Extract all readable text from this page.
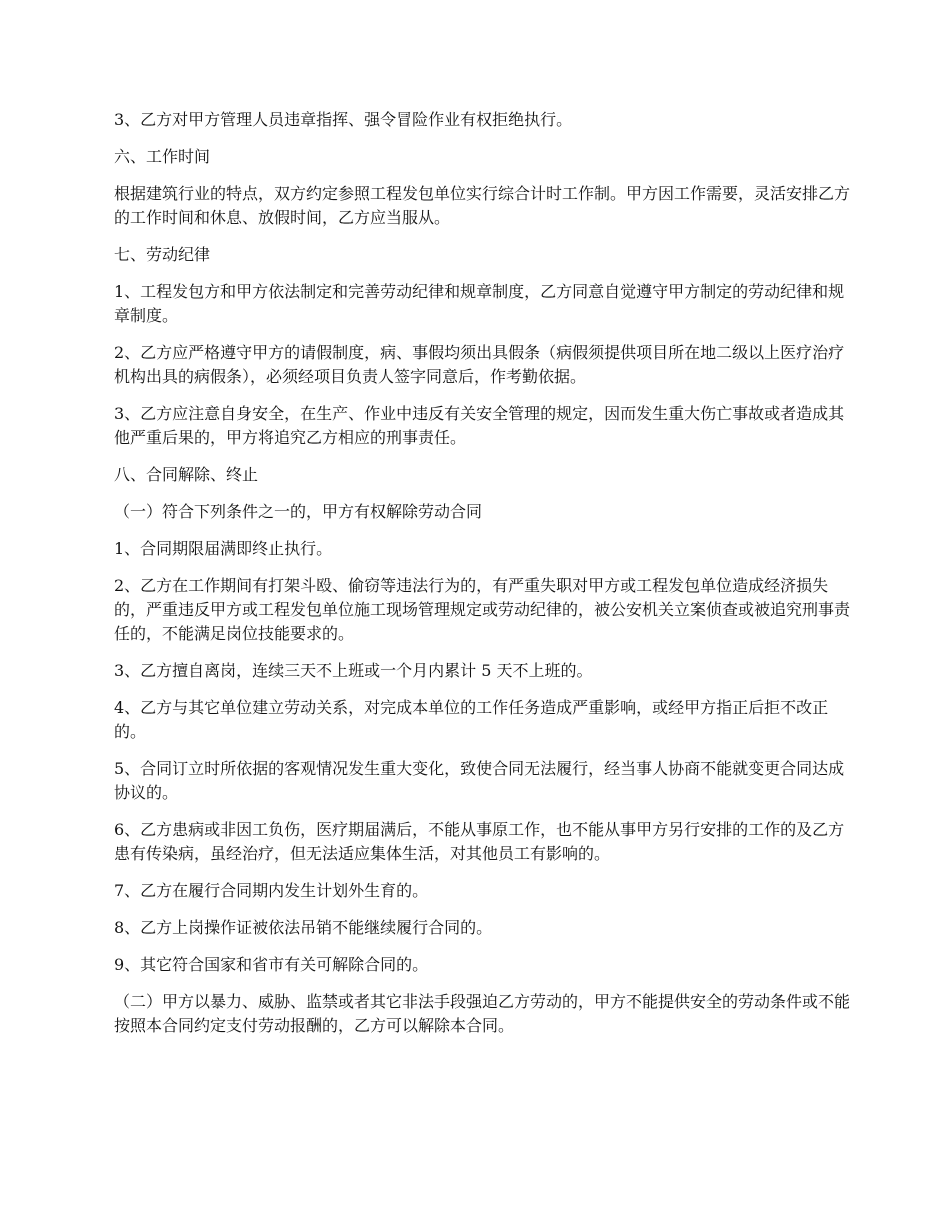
3、乙方对甲方管理人员违章指挥、强令冒险作业有权拒绝执行。

六、工作时间

根据建筑行业的特点，双方约定参照工程发包单位实行综合计时工作制。甲方因工作需要，灵活安排乙方的工作时间和休息、放假时间，乙方应当服从。

七、劳动纪律

1、工程发包方和甲方依法制定和完善劳动纪律和规章制度，乙方同意自觉遵守甲方制定的劳动纪律和规章制度。

2、乙方应严格遵守甲方的请假制度，病、事假均须出具假条（病假须提供项目所在地二级以上医疗治疗机构出具的病假条），必须经项目负责人签字同意后，作考勤依据。

3、乙方应注意自身安全，在生产、作业中违反有关安全管理的规定，因而发生重大伤亡事故或者造成其他严重后果的，甲方将追究乙方相应的刑事责任。

八、合同解除、终止

（一）符合下列条件之一的，甲方有权解除劳动合同

1、合同期限届满即终止执行。

2、乙方在工作期间有打架斗殴、偷窃等违法行为的，有严重失职对甲方或工程发包单位造成经济损失的，严重违反甲方或工程发包单位施工现场管理规定或劳动纪律的，被公安机关立案侦查或被追究刑事责任的，不能满足岗位技能要求的。

3、乙方擅自离岗，连续三天不上班或一个月内累计 5 天不上班的。

4、乙方与其它单位建立劳动关系，对完成本单位的工作任务造成严重影响，或经甲方指正后拒不改正的。

5、合同订立时所依据的客观情况发生重大变化，致使合同无法履行，经当事人协商不能就变更合同达成协议的。

6、乙方患病或非因工负伤，医疗期届满后，不能从事原工作，也不能从事甲方另行安排的工作的及乙方患有传染病，虽经治疗，但无法适应集体生活，对其他员工有影响的。

7、乙方在履行合同期内发生计划外生育的。

8、乙方上岗操作证被依法吊销不能继续履行合同的。

9、其它符合国家和省市有关可解除合同的。

（二）甲方以暴力、威胁、监禁或者其它非法手段强迫乙方劳动的，甲方不能提供安全的劳动条件或不能按照本合同约定支付劳动报酬的，乙方可以解除本合同。
